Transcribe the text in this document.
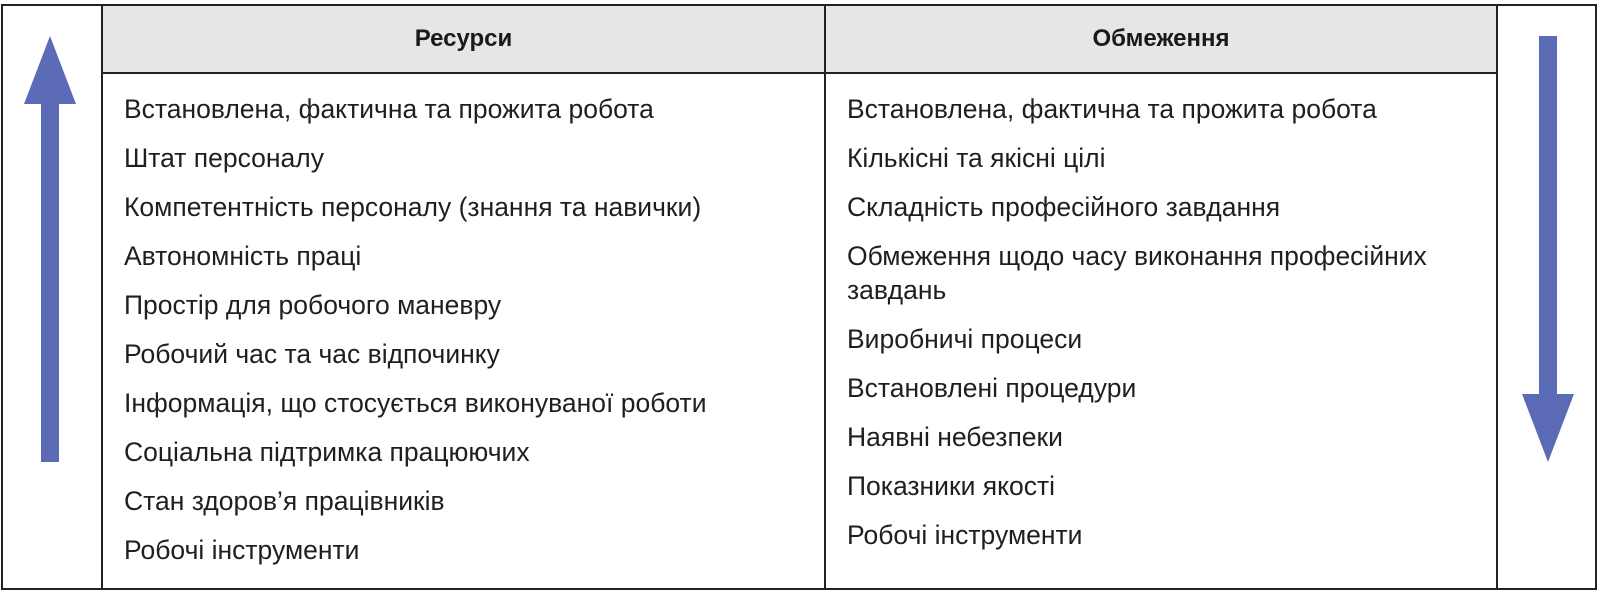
Ресурси	Обмеження
Встановлена, фактична та прожита робота
Штат персоналу
Компетентність персоналу (знання та навички)
Автономність праці
Простір для робочого маневру
Робочий час та час відпочинку
Інформація, що стосується виконуваної роботи
Соціальна підтримка працюючих
Стан здоров’я працівників
Робочі інструменти
Встановлена, фактична та прожита робота
Кількісні та якісні цілі
Складність професійного завдання
Обмеження щодо часу виконання професійних завдань
Виробничі процеси
Встановлені процедури
Наявні небезпеки
Показники якості
Робочі інструменти
